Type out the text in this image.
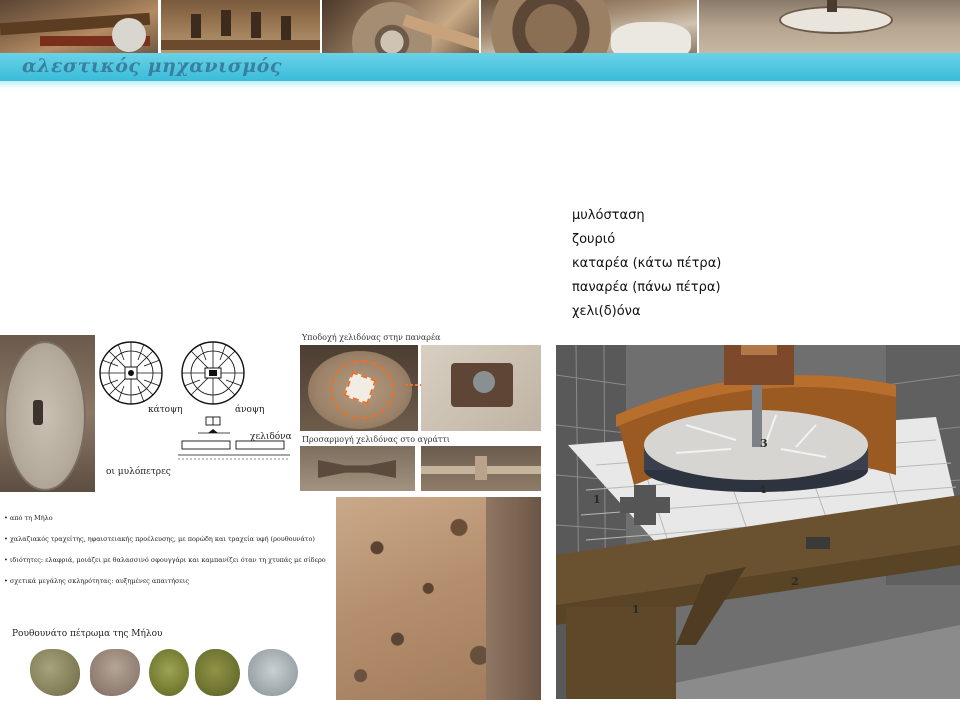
αλεστικός μηχανισμός
μυλόσταση
ζουριό
καταρέα (κάτω πέτρα)
παναρέα (πάνω πέτρα)
χελι(δ)όνα
κάτοψη	άνοψη
χελιδόνα
οι μυλόπετρες
Υποδοχή χελιδόνας στην παναρέα
Προσαρμογή χελιδόνας στο αγράττι
• από τη Μήλο
• χαλαζιακός τραχείτης, ηφαιστειακής προέλευσης, με πορώδη και τραχεία υφή (ρουθουνάτο)
• ιδιότητες: ελαφριά, μοιάζει με θαλασσινό σφουγγάρι και καμπανίζει όταν τη χτυπάς με σίδερο
• σχετικά μεγάλης σκληρότητας: αυξημένες απαιτήσεις
Ρουθουνάτο πέτρωμα της Μήλου
1
1
2
3
4
